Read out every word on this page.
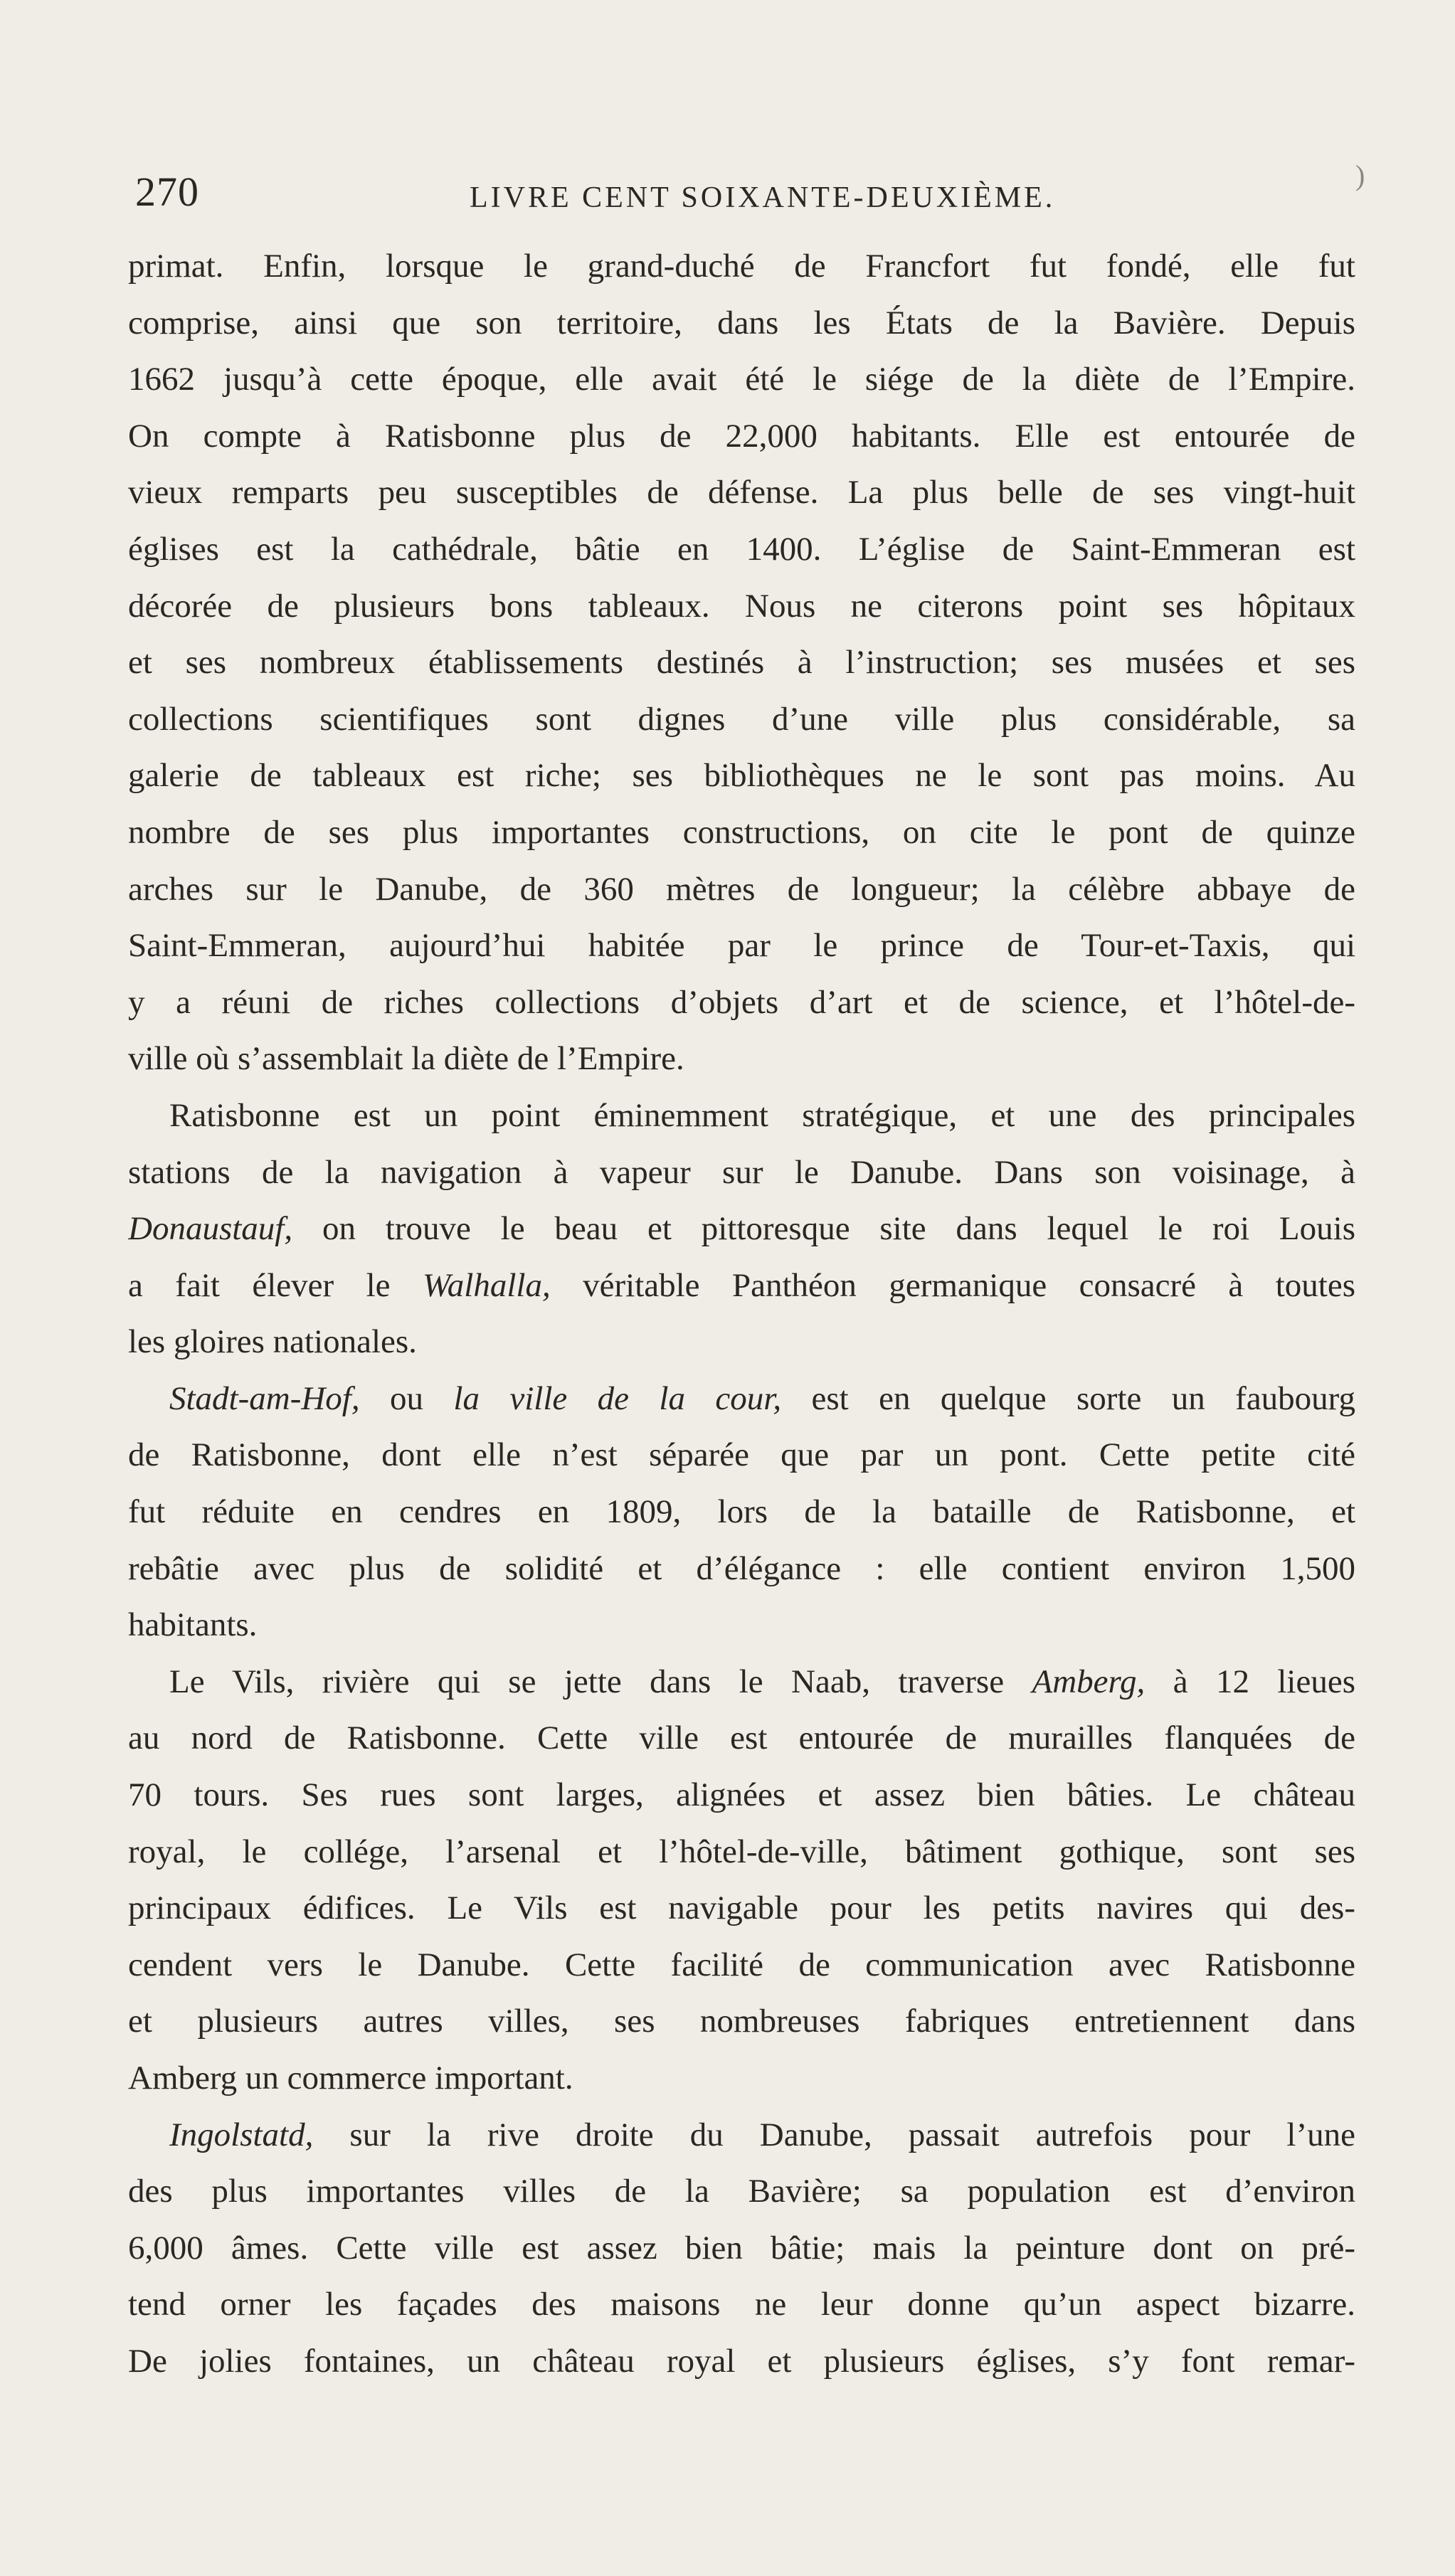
270	LIVRE CENT SOIXANTE-DEUXIÈME.
)
primat. Enfin, lorsque le grand-duché de Francfort fut fondé, elle fut
comprise, ainsi que son territoire, dans les États de la Bavière. Depuis
1662 jusqu’à cette époque, elle avait été le siége de la diète de l’Empire.
On compte à Ratisbonne plus de 22,000 habitants. Elle est entourée de
vieux remparts peu susceptibles de défense. La plus belle de ses vingt-huit
églises est la cathédrale, bâtie en 1400. L’église de Saint-Emmeran est
décorée de plusieurs bons tableaux. Nous ne citerons point ses hôpitaux
et ses nombreux établissements destinés à l’instruction; ses musées et ses
collections scientifiques sont dignes d’une ville plus considérable, sa
galerie de tableaux est riche; ses bibliothèques ne le sont pas moins. Au
nombre de ses plus importantes constructions, on cite le pont de quinze
arches sur le Danube, de 360 mètres de longueur; la célèbre abbaye de
Saint-Emmeran, aujourd’hui habitée par le prince de Tour-et-Taxis, qui
y a réuni de riches collections d’objets d’art et de science, et l’hôtel-de-
ville où s’assemblait la diète de l’Empire.
Ratisbonne est un point éminemment stratégique, et une des principales
stations de la navigation à vapeur sur le Danube. Dans son voisinage, à
Donaustauf, on trouve le beau et pittoresque site dans lequel le roi Louis
a fait élever le Walhalla, véritable Panthéon germanique consacré à toutes
les gloires nationales.
Stadt-am-Hof, ou la ville de la cour, est en quelque sorte un faubourg
de Ratisbonne, dont elle n’est séparée que par un pont. Cette petite cité
fut réduite en cendres en 1809, lors de la bataille de Ratisbonne, et
rebâtie avec plus de solidité et d’élégance : elle contient environ 1,500
habitants.
Le Vils, rivière qui se jette dans le Naab, traverse Amberg, à 12 lieues
au nord de Ratisbonne. Cette ville est entourée de murailles flanquées de
70 tours. Ses rues sont larges, alignées et assez bien bâties. Le château
royal, le collége, l’arsenal et l’hôtel-de-ville, bâtiment gothique, sont ses
principaux édifices. Le Vils est navigable pour les petits navires qui des-
cendent vers le Danube. Cette facilité de communication avec Ratisbonne
et plusieurs autres villes, ses nombreuses fabriques entretiennent dans
Amberg un commerce important.
Ingolstatd, sur la rive droite du Danube, passait autrefois pour l’une
des plus importantes villes de la Bavière; sa population est d’environ
6,000 âmes. Cette ville est assez bien bâtie; mais la peinture dont on pré-
tend orner les façades des maisons ne leur donne qu’un aspect bizarre.
De jolies fontaines, un château royal et plusieurs églises, s’y font remar-
